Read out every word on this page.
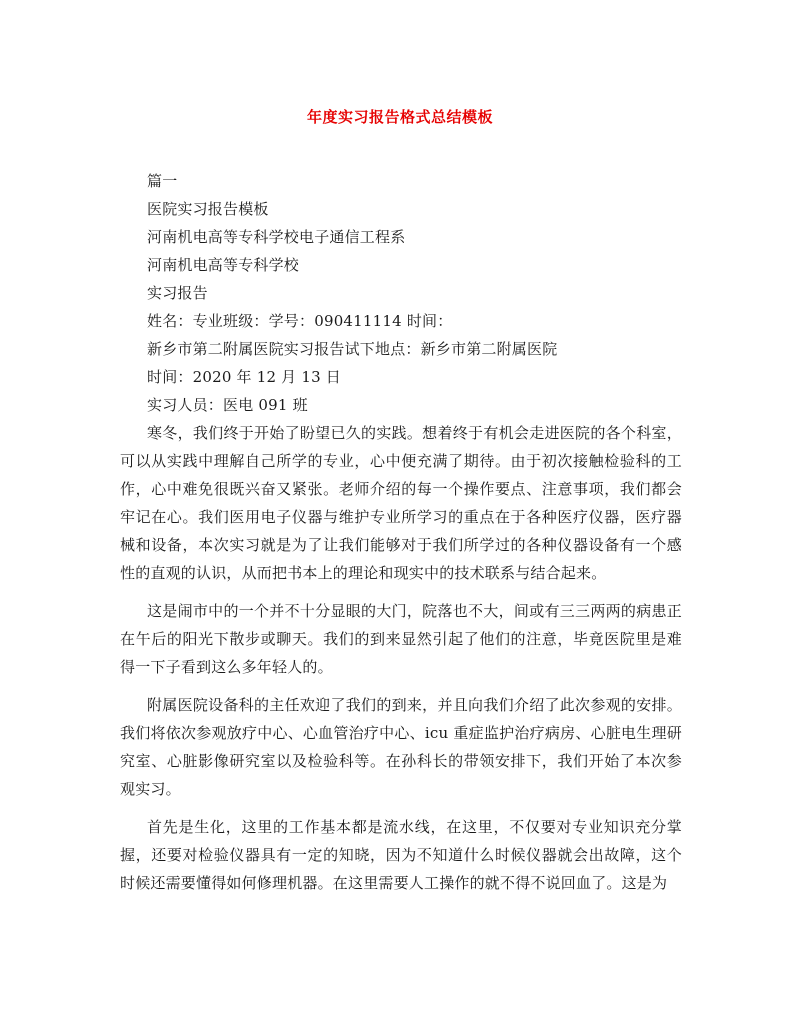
年度实习报告格式总结模板

篇一

医院实习报告模板

河南机电高等专科学校电子通信工程系

河南机电高等专科学校

实习报告

姓名：专业班级：学号：090411114 时间：

新乡市第二附属医院实习报告试下地点：新乡市第二附属医院

时间：2020 年 12 月 13 日

实习人员：医电 091 班

寒冬，我们终于开始了盼望已久的实践。想着终于有机会走进医院的各个科室，可以从实践中理解自己所学的专业，心中便充满了期待。由于初次接触检验科的工作，心中难免很既兴奋又紧张。老师介绍的每一个操作要点、注意事项，我们都会牢记在心。我们医用电子仪器与维护专业所学习的重点在于各种医疗仪器，医疗器械和设备，本次实习就是为了让我们能够对于我们所学过的各种仪器设备有一个感性的直观的认识，从而把书本上的理论和现实中的技术联系与结合起来。

这是闹市中的一个并不十分显眼的大门，院落也不大，间或有三三两两的病患正在午后的阳光下散步或聊天。我们的到来显然引起了他们的注意，毕竟医院里是难得一下子看到这么多年轻人的。

附属医院设备科的主任欢迎了我们的到来，并且向我们介绍了此次参观的安排。我们将依次参观放疗中心、心血管治疗中心、icu 重症监护治疗病房、心脏电生理研究室、心脏影像研究室以及检验科等。在孙科长的带领安排下，我们开始了本次参观实习。

首先是生化，这里的工作基本都是流水线，在这里，不仅要对专业知识充分掌握，还要对检验仪器具有一定的知晓，因为不知道什么时候仪器就会出故障，这个时候还需要懂得如何修理机器。在这里需要人工操作的就不得不说回血了。这是为
